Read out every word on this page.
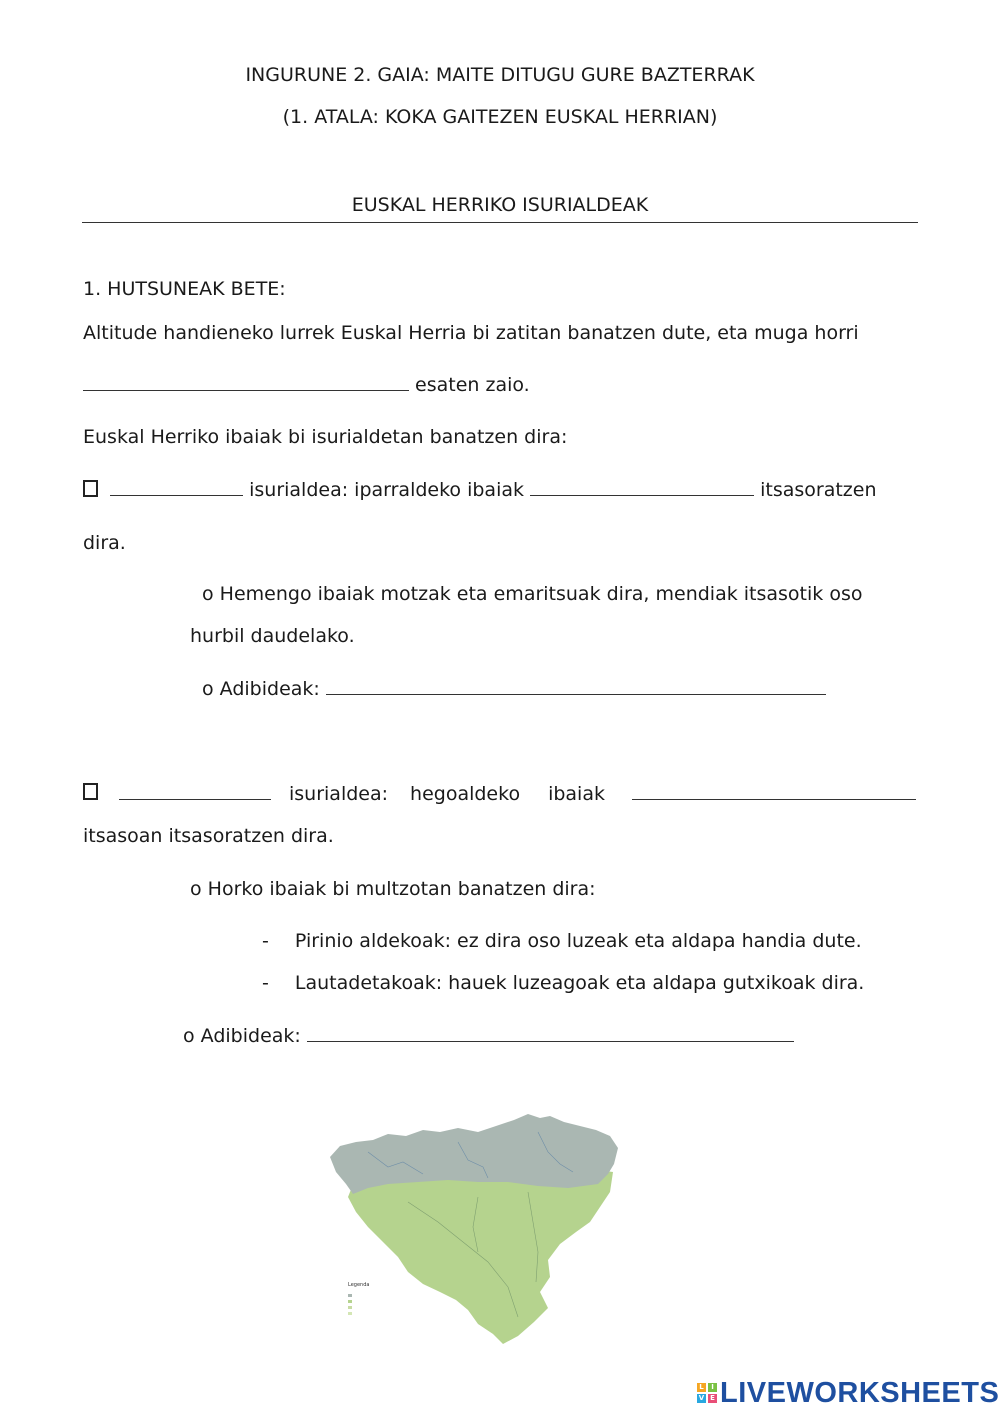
INGURUNE 2. GAIA: MAITE DITUGU GURE BAZTERRAK
(1. ATALA: KOKA GAITEZEN EUSKAL HERRIAN)
EUSKAL HERRIKO ISURIALDEAK
1. HUTSUNEAK BETE:
Altitude handieneko lurrek Euskal Herria bi zatitan banatzen dute, eta muga horri
esaten zaio.
Euskal Herriko ibaiak bi isurialdetan banatzen dira:
isurialdea: iparraldeko ibaiak	itsasoratzen
dira.
o Hemengo ibaiak motzak eta emaritsuak dira, mendiak itsasotik oso
hurbil daudelako.
o Adibideak:
isurialdea: hegoaldeko ibaiak
itsasoan itsasoratzen dira.
o Horko ibaiak bi multzotan banatzen dira:
- Pirinio aldekoak: ez dira oso luzeak eta aldapa handia dute.
- Lautadetakoak: hauek luzeagoak eta aldapa gutxikoak dira.
o Adibideak:
Legenda
L	I
V E LIVEWORKSHEETS
